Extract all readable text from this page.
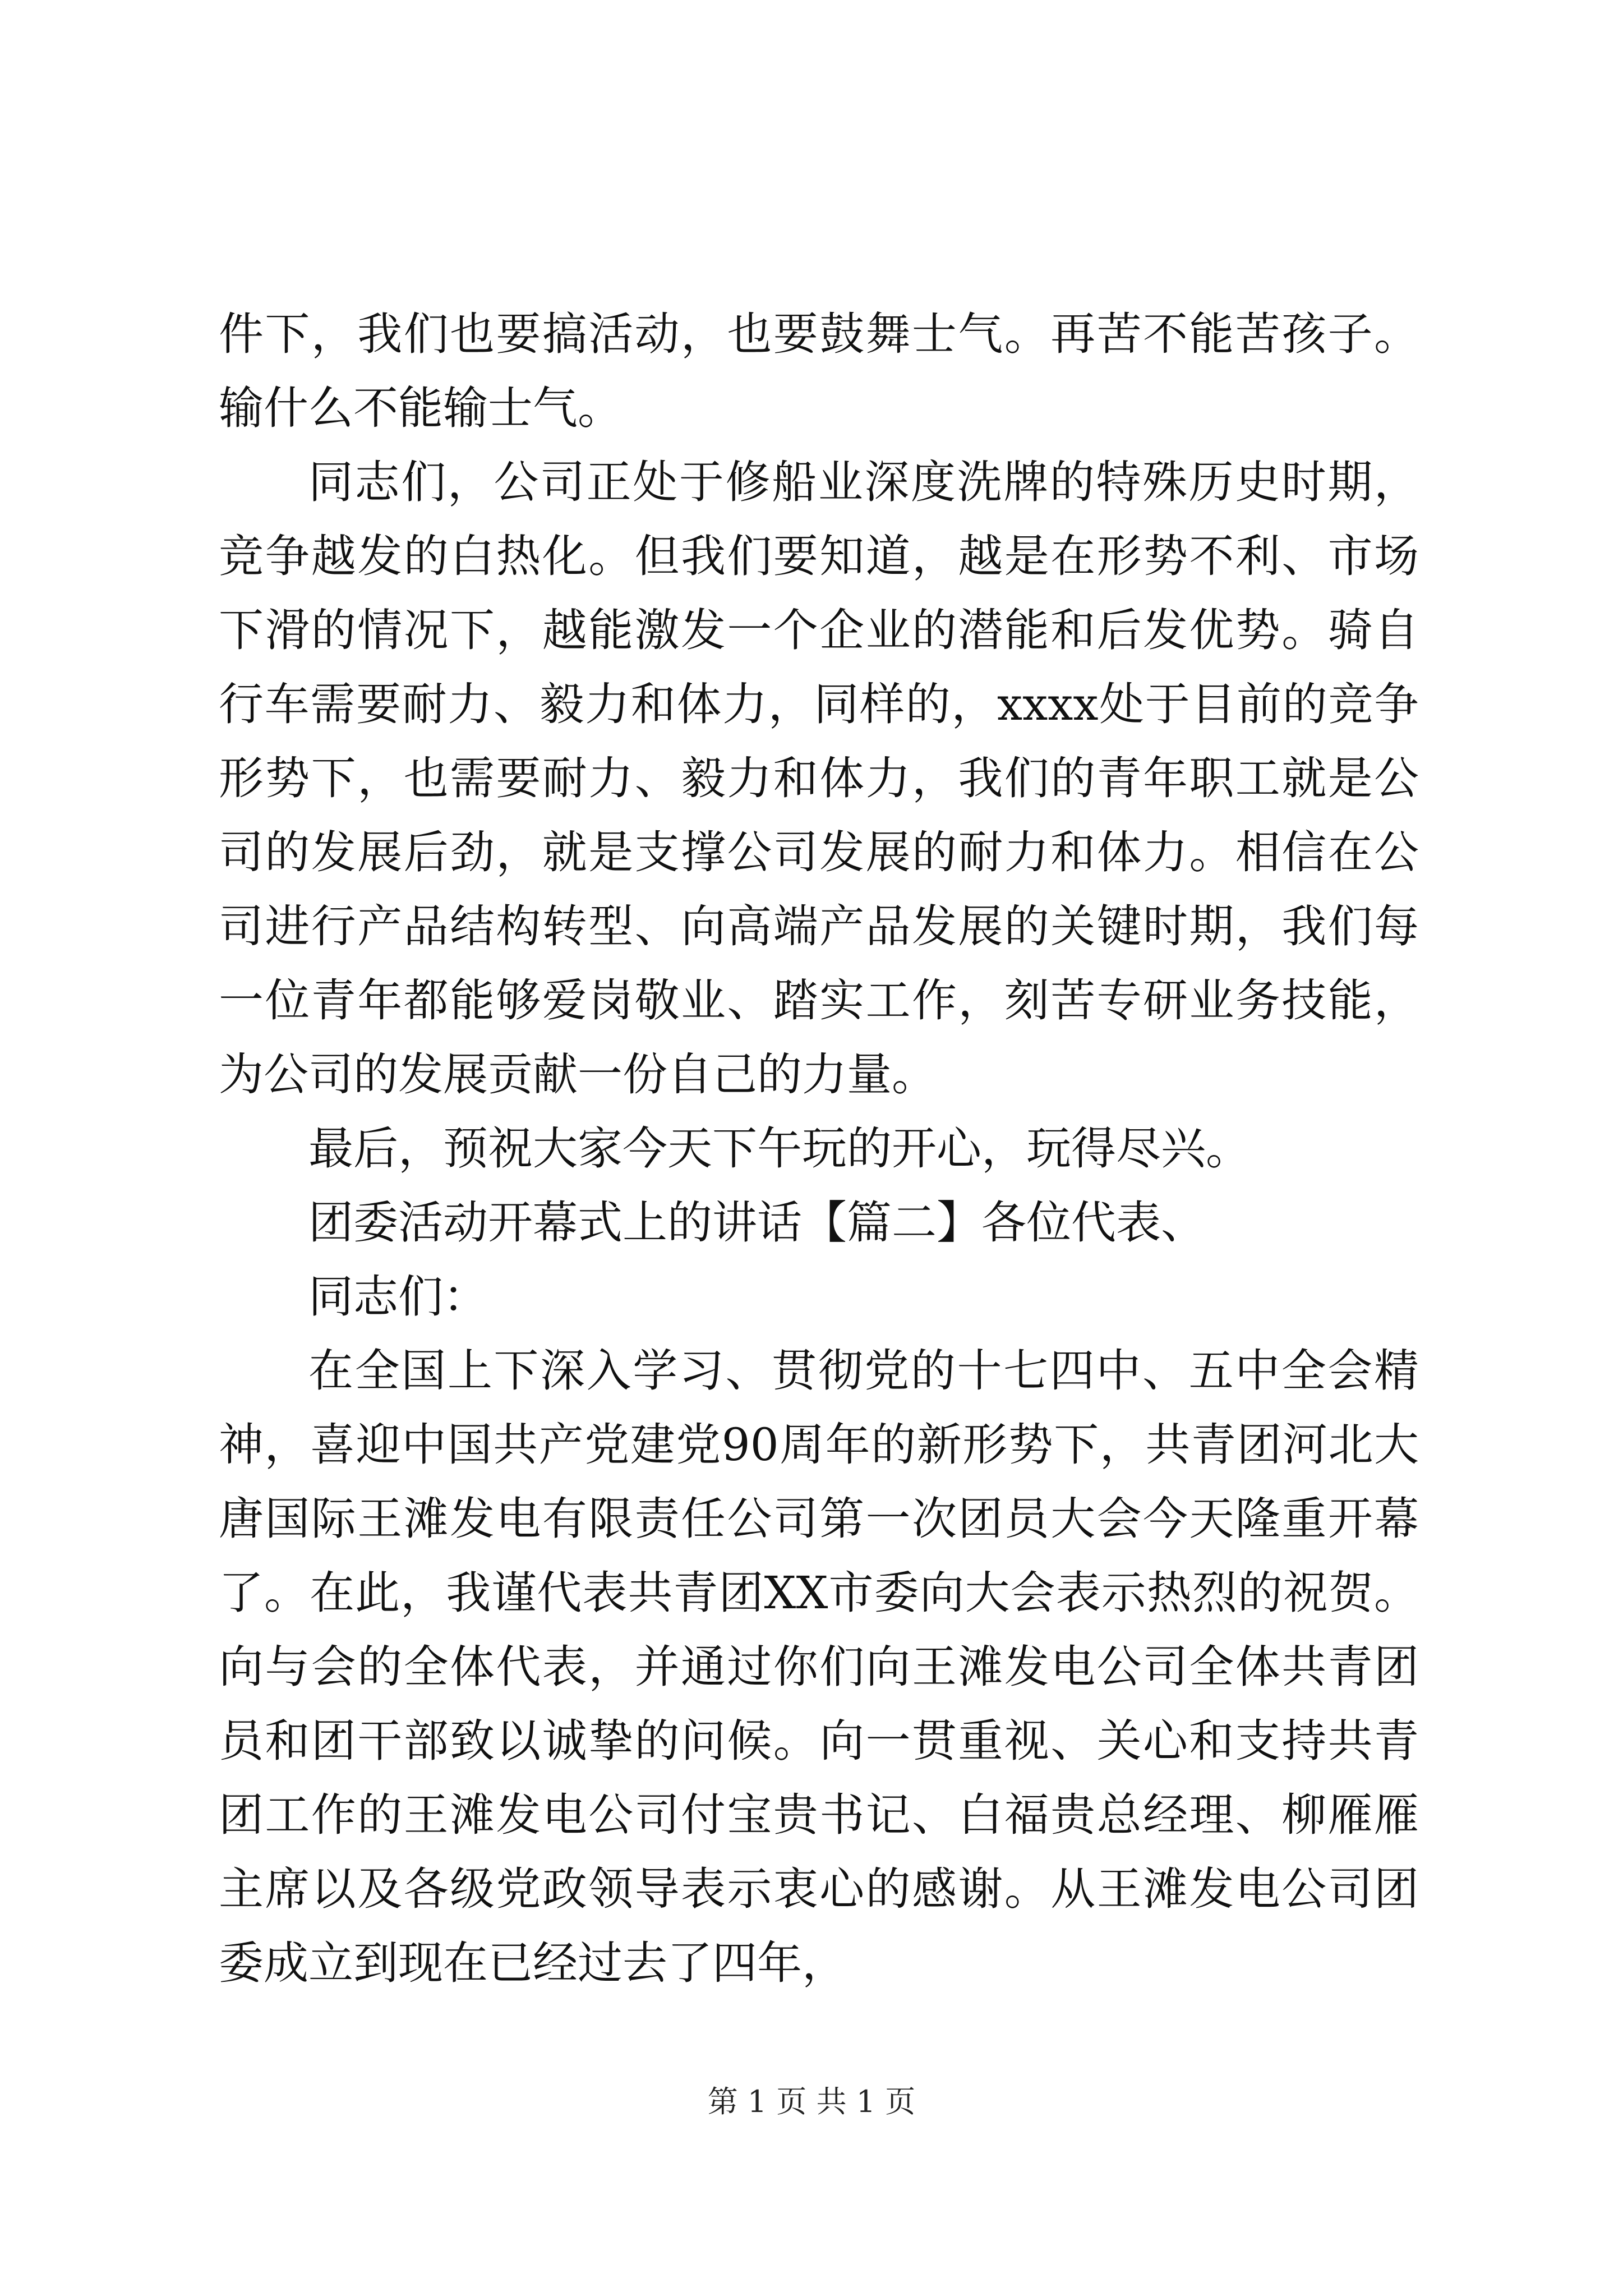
件下，我们也要搞活动，也要鼓舞士气。再苦不能苦孩子。输什么不能输士气。

同志们，公司正处于修船业深度洗牌的特殊历史时期，竞争越发的白热化。但我们要知道，越是在形势不利、市场下滑的情况下，越能激发一个企业的潜能和后发优势。骑自行车需要耐力、毅力和体力，同样的，xxxx处于目前的竞争形势下，也需要耐力、毅力和体力，我们的青年职工就是公司的发展后劲，就是支撑公司发展的耐力和体力。相信在公司进行产品结构转型、向高端产品发展的关键时期，我们每一位青年都能够爱岗敬业、踏实工作，刻苦专研业务技能，为公司的发展贡献一份自己的力量。

最后，预祝大家今天下午玩的开心，玩得尽兴。

团委活动开幕式上的讲话【篇二】各位代表、

同志们：

在全国上下深入学习、贯彻党的十七四中、五中全会精神，喜迎中国共产党建党90周年的新形势下，共青团河北大唐国际王滩发电有限责任公司第一次团员大会今天隆重开幕了。在此，我谨代表共青团XX市委向大会表示热烈的祝贺。向与会的全体代表，并通过你们向王滩发电公司全体共青团员和团干部致以诚挚的问候。向一贯重视、关心和支持共青团工作的王滩发电公司付宝贵书记、白福贵总经理、柳雁雁主席以及各级党政领导表示衷心的感谢。从王滩发电公司团委成立到现在已经过去了四年，

第 1 页 共 1 页
